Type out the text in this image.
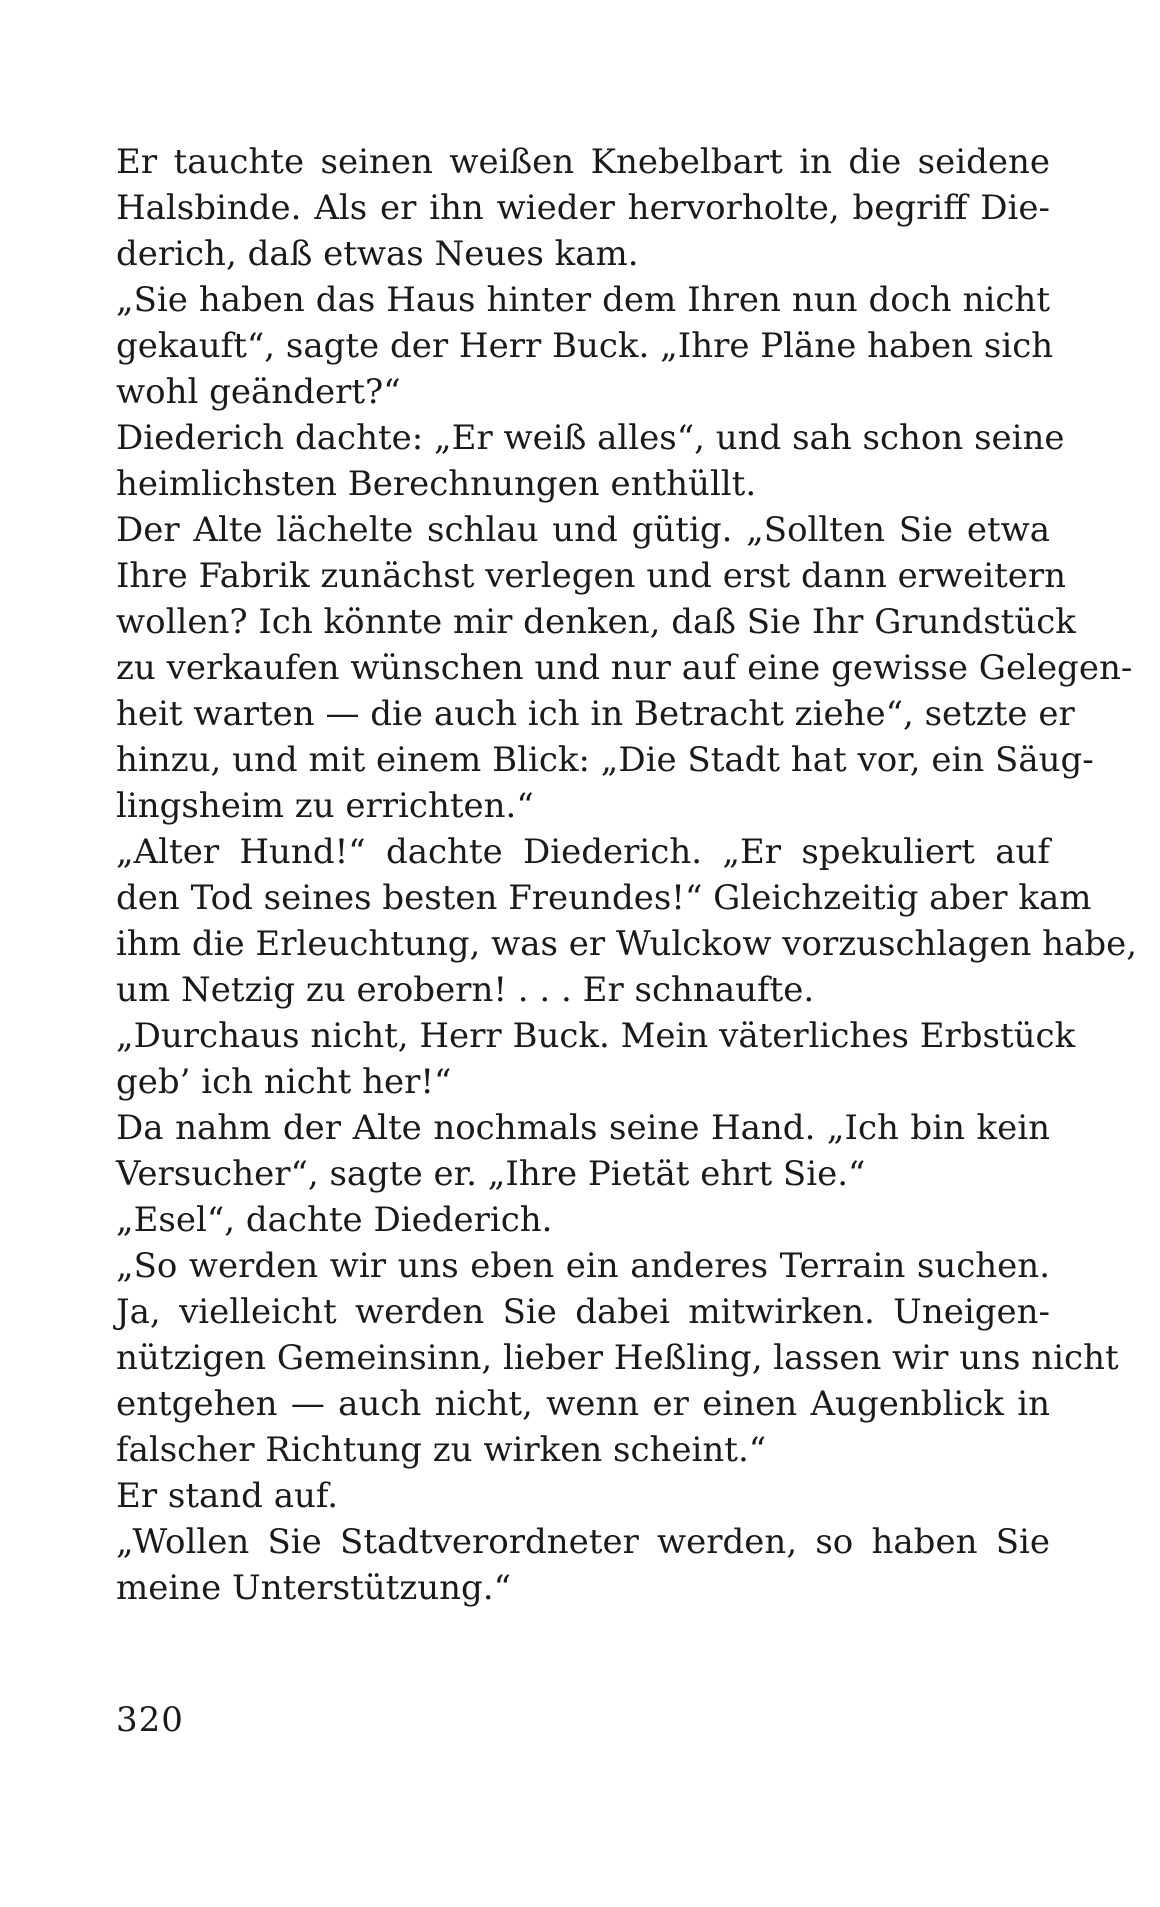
Er tauchte seinen weißen Knebelbart in die seidene
Halsbinde. Als er ihn wieder hervorholte, begriff Die-
derich, daß etwas Neues kam.
„Sie haben das Haus hinter dem Ihren nun doch nicht
gekauft“, sagte der Herr Buck. „Ihre Pläne haben sich
wohl geändert?“
Diederich dachte: „Er weiß alles“, und sah schon seine
heimlichsten Berechnungen enthüllt.
Der Alte lächelte schlau und gütig. „Sollten Sie etwa
Ihre Fabrik zunächst verlegen und erst dann erweitern
wollen? Ich könnte mir denken, daß Sie Ihr Grundstück
zu verkaufen wünschen und nur auf eine gewisse Gelegen-
heit warten — die auch ich in Betracht ziehe“, setzte er
hinzu, und mit einem Blick: „Die Stadt hat vor, ein Säug-
lingsheim zu errichten.“
„Alter Hund!“ dachte Diederich. „Er spekuliert auf
den Tod seines besten Freundes!“ Gleichzeitig aber kam
ihm die Erleuchtung, was er Wulckow vorzuschlagen habe,
um Netzig zu erobern! . . . Er schnaufte.
„Durchaus nicht, Herr Buck. Mein väterliches Erbstück
geb’ ich nicht her!“
Da nahm der Alte nochmals seine Hand. „Ich bin kein
Versucher“, sagte er. „Ihre Pietät ehrt Sie.“
„Esel“, dachte Diederich.
„So werden wir uns eben ein anderes Terrain suchen.
Ja, vielleicht werden Sie dabei mitwirken. Uneigen-
nützigen Gemeinsinn, lieber Heßling, lassen wir uns nicht
entgehen — auch nicht, wenn er einen Augenblick in
falscher Richtung zu wirken scheint.“
Er stand auf.
„Wollen Sie Stadtverordneter werden, so haben Sie
meine Unterstützung.“
320
